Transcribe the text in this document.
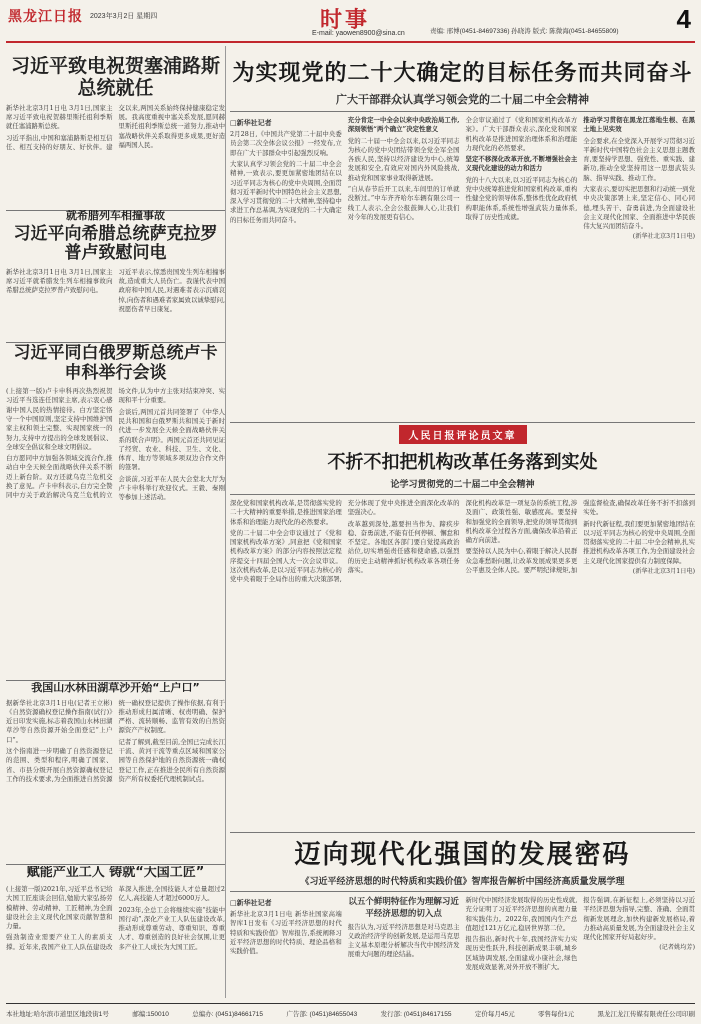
黑龙江日报 2023年3月2日 星期四	时事
E-mail: yaowen8900@sina.cn	责编: 邢博(0451-84697336) 孙晓涛 版式: 陈微海(0451-84655809) 4
习近平致电祝贺塞浦路斯总统就任
新华社北京3月1日电 3月1日,国家主席习近平致电祝贺赫里斯托祖利季斯就任塞浦路斯总统。
习近平指出,中国和塞浦路斯是相互信任、相互支持的好朋友、好伙伴。建交以来,两国关系始终保持健康稳定发展。我高度重视中塞关系发展,愿同赫里斯托祖利季斯总统一道努力,推动中塞战略伙伴关系取得更多成果,更好造福两国人民。
就希腊列车相撞事故
习近平向希腊总统萨克拉罗普卢致慰问电
新华社北京3月1日电 3月1日,国家主席习近平就希腊发生列车相撞事故向希腊总统萨克拉罗普卢致慰问电。
习近平表示,惊悉贵国发生列车相撞事故,造成重大人员伤亡。我谨代表中国政府和中国人民,对遇难者表示沉痛哀悼,向伤者和遇难者家属致以诚挚慰问,祝愿伤者早日康复。
习近平同白俄罗斯总统卢卡申科举行会谈
(上接第一版)卢卡申科再次热烈祝贺习近平当选连任国家主席,表示衷心感谢中国人民的热情接待。白方坚定恪守一个中国原则,坚定支持中国维护国家主权和领土完整、实现国家统一的努力,支持中方提出的全球发展倡议、全球安全倡议和全球文明倡议。
白方愿同中方加强各领域交流合作,推动白中全天候全面战略伙伴关系不断迈上新台阶。双方还就乌克兰危机交换了意见。卢卡申科表示,白方完全赞同中方关于政治解决乌克兰危机的立场文件,认为中方主张对结束冲突、实现和平十分重要。
会谈后,两国元首共同签署了《中华人民共和国和白俄罗斯共和国关于新时代进一步发展全天候全面战略伙伴关系的联合声明》。两国元首还共同见证了经贸、农业、科技、卫生、文化、体育、地方等领域多项双边合作文件的签署。
会谈前,习近平在人民大会堂北大厅为卢卡申科举行欢迎仪式。王毅、秦刚等参加上述活动。
我国山水林田湖草沙开始“上户口”
据新华社北京3月1日电(记者王立彬)《自然资源确权登记操作指南(试行)》近日印发实施,标志着我国山水林田湖草沙等自然资源开始全面登记“上户口”。
这个指南进一步明确了自然资源登记的范围、类型和程序,明确了国家、省、市县分级开展自然资源确权登记工作的技术要求,为全面推进自然资源统一确权登记提供了操作依据,有利于推动形成归属清晰、权责明确、保护严格、流转顺畅、监管有效的自然资源资产产权制度。
记者了解到,截至目前,全国已完成长江干流、黄河干流等重点区域和国家公园等自然保护地的自然资源统一确权登记工作,正在推进全民所有自然资源资产所有权委托代理机制试点。
赋能产业工人 铸就“大国工匠”
(上接第一版)2021年,习近平总书记给大国工匠座谈会回信,勉励大家弘扬劳模精神、劳动精神、工匠精神,为全面建设社会主义现代化国家贡献智慧和力量。
强劲制造业需要产业工人的素质支撑。近年来,我国产业工人队伍建设改革深入推进,全国技能人才总量超过2亿人,高技能人才超过6000万人。
2023年,全总工会将继续实施“技能中国行动”,深化产业工人队伍建设改革,推动形成尊重劳动、尊重知识、尊重人才、尊重创造的良好社会氛围,让更多产业工人成长为大国工匠。
为实现党的二十大确定的目标任务而共同奋斗
广大干部群众认真学习领会党的二十届二中全会精神
□新华社记者
2月28日,《中国共产党第二十届中央委员会第二次全体会议公报》一经发布,立即在广大干部群众中引起强烈反响。
大家认真学习领会党的二十届二中全会精神,一致表示,要更加紧密地团结在以习近平同志为核心的党中央周围,全面贯彻习近平新时代中国特色社会主义思想,深入学习贯彻党的二十大精神,坚持稳中求进工作总基调,为实现党的二十大确定的目标任务而共同奋斗。
充分肯定一中全会以来中央政治局工作,深刻领悟“两个确立”决定性意义
党的二十届一中全会以来,以习近平同志为核心的党中央团结带领全党全军全国各族人民,坚持以经济建设为中心,统筹发展和安全,有效应对国内外风险挑战,推动党和国家事业取得新进展。
“自从春节后开工以来,车间里的订单就没断过。”中车齐齐哈尔车辆有限公司一线工人表示,全会公报鼓舞人心,让我们对今年的发展更有信心。
全会审议通过了《党和国家机构改革方案》。广大干部群众表示,深化党和国家机构改革是推进国家治理体系和治理能力现代化的必然要求。
坚定不移深化改革开放,不断增强社会主义现代化建设的动力和活力
党的十八大以来,以习近平同志为核心的党中央统筹推进党和国家机构改革,重构性健全党的领导体系,整体性优化政府机构职能体系,系统性增强武装力量体系,取得了历史性成就。
推动学习贯彻在黑龙江落地生根、在黑土地上见实效
全会要求,在全党深入开展学习贯彻习近平新时代中国特色社会主义思想主题教育,要坚持学思想、强党性、重实践、建新功,推动全党坚持用这一思想武装头脑、指导实践、推动工作。
大家表示,要切实把思想和行动统一到党中央决策部署上来,坚定信心、同心同德,埋头苦干、奋勇前进,为全面建设社会主义现代化国家、全面推进中华民族伟大复兴而团结奋斗。
(新华社北京3月1日电)
人民日报评论员文章
不折不扣把机构改革任务落到实处
论学习贯彻党的二十届二中全会精神
深化党和国家机构改革,是贯彻落实党的二十大精神的重要举措,是推进国家治理体系和治理能力现代化的必然要求。
党的二十届二中全会审议通过了《党和国家机构改革方案》,同意把《党和国家机构改革方案》的部分内容按照法定程序提交十四届全国人大一次会议审议。这次机构改革,是以习近平同志为核心的党中央着眼于全局作出的重大决策部署,充分体现了党中央推进全面深化改革的坚强决心。
改革越到深处,越要担当作为、蹄疾步稳、奋勇前进,不能有任何停顿、懈怠和不坚定。各地区各部门要自觉提高政治站位,切实增强责任感和使命感,以强烈的历史主动精神抓好机构改革各项任务落实。
深化机构改革是一项复杂的系统工程,涉及面广、政策性强、敏感度高。要坚持和加强党的全面领导,把党的领导贯彻到机构改革全过程各方面,确保改革沿着正确方向前进。
要坚持以人民为中心,着眼于解决人民群众急难愁盼问题,让改革发展成果更多更公平惠及全体人民。要严明纪律规矩,加强监督检查,确保改革任务不折不扣落到实处。
新时代新征程,我们要更加紧密地团结在以习近平同志为核心的党中央周围,全面贯彻落实党的二十届二中全会精神,扎实推进机构改革各项工作,为全面建设社会主义现代化国家提供有力制度保障。
(新华社北京3月1日电)
迈向现代化强国的发展密码
《习近平经济思想的时代特质和实践价值》智库报告解析中国经济高质量发展学理
□新华社记者
新华社北京3月1日电 新华社国家高端智库1日发布《习近平经济思想的时代特质和实践价值》智库报告,系统阐释习近平经济思想的时代特质、理论品格和实践价值。
以五个鲜明特征作为理解习近平经济思想的切入点
报告认为,习近平经济思想是对马克思主义政治经济学的创新发展,是运用马克思主义基本原理分析解决当代中国经济发展重大问题的理论结晶。
新时代中国经济发展取得的历史性成就,充分证明了习近平经济思想的真理力量和实践伟力。2022年,我国国内生产总值超过121万亿元,稳居世界第二位。
报告指出,新时代十年,我国经济实力实现历史性跃升,科技创新成果丰硕,城乡区域协调发展,全面建成小康社会,绿色发展成效显著,对外开放不断扩大。
报告强调,在新征程上,必须坚持以习近平经济思想为指导,完整、准确、全面贯彻新发展理念,加快构建新发展格局,着力推动高质量发展,为全面建设社会主义现代化国家开好局起好步。
(记者姚均芳)
本社地址:哈尔滨市道里区地段街1号	邮编:150010	总编办: (0451)84661715	广告部: (0451)84655043	发行部: (0451)84617155	定价每月45元	零售每份1元	黑龙江龙江传媒有限责任公司印刷
